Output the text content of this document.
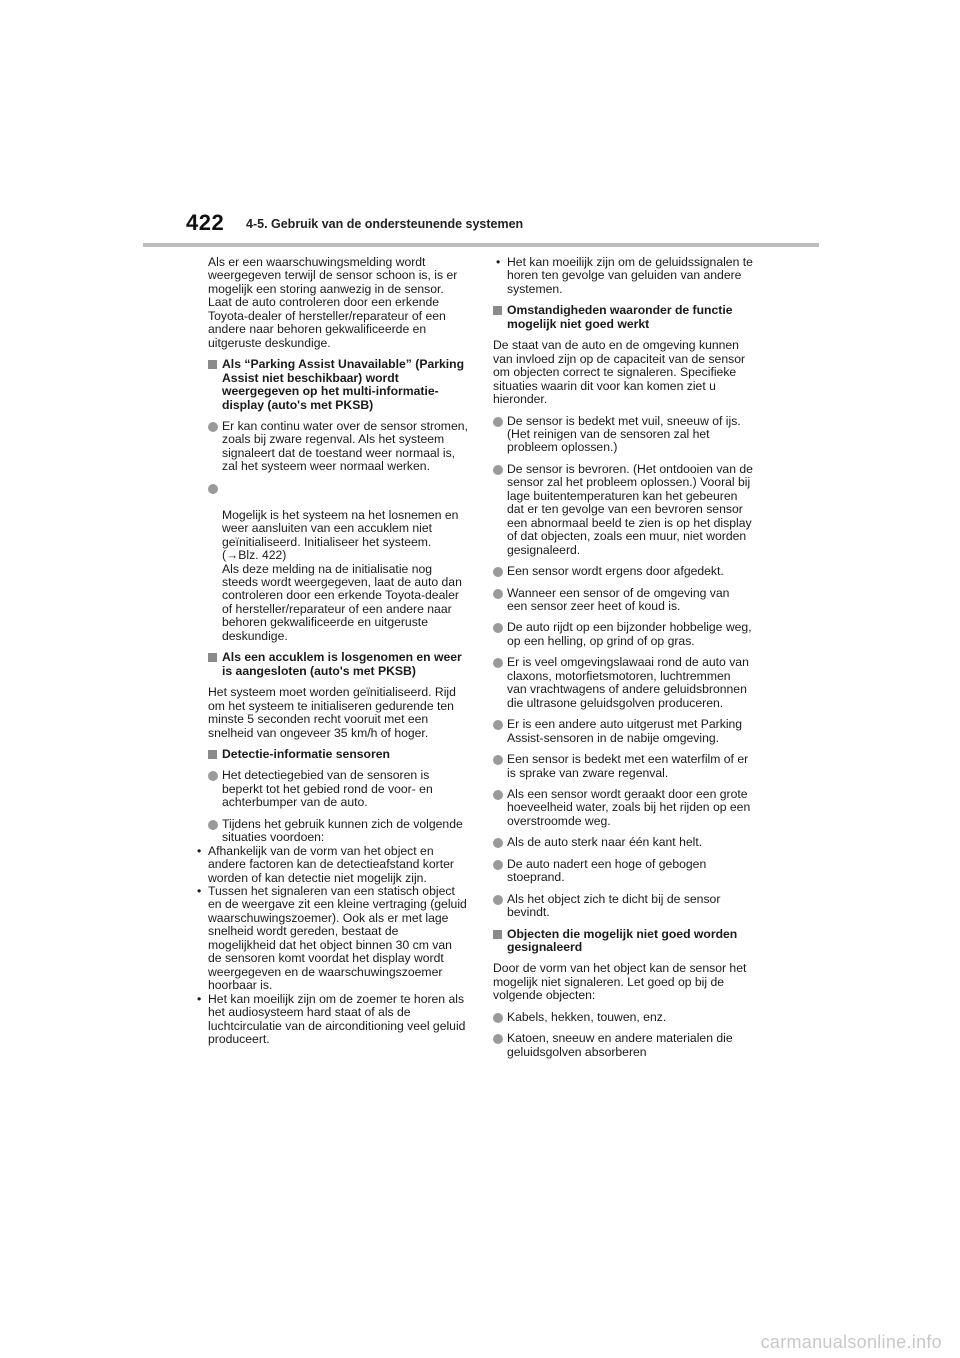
422 4-5. Gebruik van de ondersteunende systemen

Als er een waarschuwingsmelding wordt weergegeven terwijl de sensor schoon is, is er mogelijk een storing aanwezig in de sensor. Laat de auto controleren door een erkende Toyota-dealer of hersteller/reparateur of een andere naar behoren gekwalificeerde en uitgeruste deskundige.

Als “Parking Assist Unavailable” (Parking Assist niet beschikbaar) wordt weergegeven op het multi-informatie-display (auto's met PKSB)
Er kan continu water over de sensor stromen, zoals bij zware regenval. Als het systeem signaleert dat de toestand weer normaal is, zal het systeem weer normaal werken.

Mogelijk is het systeem na het losnemen en weer aansluiten van een accuklem niet geïnitialiseerd. Initialiseer het systeem. (→Blz. 422)
Als deze melding na de initialisatie nog steeds wordt weergegeven, laat de auto dan controleren door een erkende Toyota-dealer of hersteller/reparateur of een andere naar behoren gekwalificeerde en uitgeruste deskundige.

Als een accuklem is losgenomen en weer is aangesloten (auto's met PKSB)

Het systeem moet worden geïnitialiseerd. Rijd om het systeem te initialiseren gedurende ten minste 5 seconden recht vooruit met een snelheid van ongeveer 35 km/h of hoger.

Detectie-informatie sensoren
Het detectiegebied van de sensoren is beperkt tot het gebied rond de voor- en achterbumper van de auto.
Tijdens het gebruik kunnen zich de volgende situaties voordoen:
• Afhankelijk van de vorm van het object en andere factoren kan de detectieafstand korter worden of kan detectie niet mogelijk zijn.
• Tussen het signaleren van een statisch object en de weergave zit een kleine vertraging (geluid waarschuwingszoemer). Ook als er met lage snelheid wordt gereden, bestaat de mogelijkheid dat het object binnen 30 cm van de sensoren komt voordat het display wordt weergegeven en de waarschuwingszoemer hoorbaar is.
• Het kan moeilijk zijn om de zoemer te horen als het audiosysteem hard staat of als de luchtcirculatie van de airconditioning veel geluid produceert.
• Het kan moeilijk zijn om de geluidssignalen te horen ten gevolge van geluiden van andere systemen.
Omstandigheden waaronder de functie mogelijk niet goed werkt

De staat van de auto en de omgeving kunnen van invloed zijn op de capaciteit van de sensor om objecten correct te signaleren. Specifieke situaties waarin dit voor kan komen ziet u hieronder.

De sensor is bedekt met vuil, sneeuw of ijs. (Het reinigen van de sensoren zal het probleem oplossen.)
De sensor is bevroren. (Het ontdooien van de sensor zal het probleem oplossen.) Vooral bij lage buitentemperaturen kan het gebeuren dat er ten gevolge van een bevroren sensor een abnormaal beeld te zien is op het display of dat objecten, zoals een muur, niet worden gesignaleerd.
Een sensor wordt ergens door afgedekt.
Wanneer een sensor of de omgeving van een sensor zeer heet of koud is.
De auto rijdt op een bijzonder hobbelige weg, op een helling, op grind of op gras.
Er is veel omgevingslawaai rond de auto van claxons, motorfietsmotoren, luchtremmen van vrachtwagens of andere geluidsbronnen die ultrasone geluidsgolven produceren.
Er is een andere auto uitgerust met Parking Assist-sensoren in de nabije omgeving.
Een sensor is bedekt met een waterfilm of er is sprake van zware regenval.
Als een sensor wordt geraakt door een grote hoeveelheid water, zoals bij het rijden op een overstroomde weg.
Als de auto sterk naar één kant helt.
De auto nadert een hoge of gebogen stoeprand.
Als het object zich te dicht bij de sensor bevindt.
Objecten die mogelijk niet goed worden gesignaleerd

Door de vorm van het object kan de sensor het mogelijk niet signaleren. Let goed op bij de volgende objecten:

Kabels, hekken, touwen, enz.
Katoen, sneeuw en andere materialen die geluidsgolven absorberen
carmanualsonline.info
